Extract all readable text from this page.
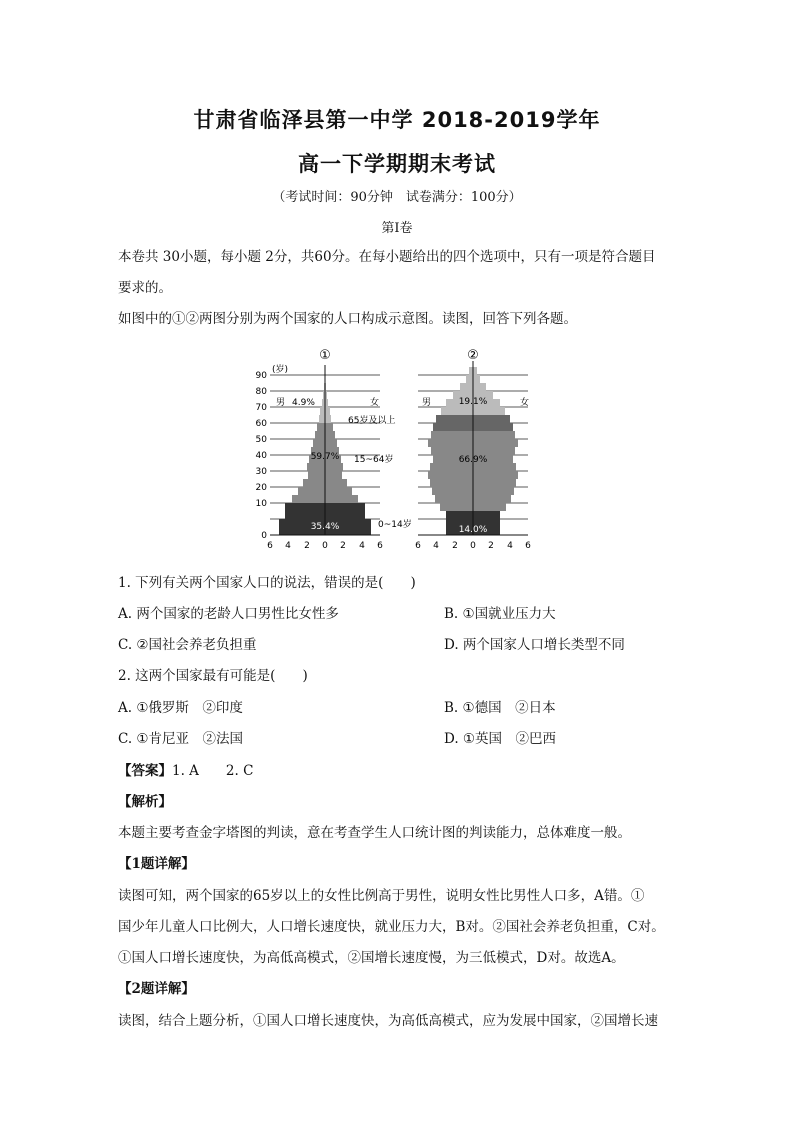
甘肃省临泽县第一中学 2018-2019学年
高一下学期期末考试
（考试时间：90分钟　试卷满分：100分）
第Ⅰ卷
本卷共 30小题，每小题 2分，共60分。在每小题给出的四个选项中，只有一项是符合题目
要求的。
如图中的①②两图分别为两个国家的人口构成示意图。读图，回答下列各题。
①
(岁)
90
80
70
60
50
40
30
20
10
0
6 4 2 0 2 4 6
男	女
4.9%
65岁及以上
59.7% 15~64岁
35.4%	0~14岁
②
6 4 2 0 2 4 6
男	女
19.1%
66.9%
14.0%
1. 下列有关两个国家人口的说法，错误的是(　　)
A. 两个国家的老龄人口男性比女性多	B. ①国就业压力大
C. ②国社会养老负担重	D. 两个国家人口增长类型不同
2. 这两个国家最有可能是(　　)
A. ①俄罗斯　②印度	B. ①德国　②日本
C. ①肯尼亚　②法国	D. ①英国　②巴西
【答案】1. A　　2. C
【解析】
本题主要考查金字塔图的判读，意在考查学生人口统计图的判读能力，总体难度一般。
【1题详解】
读图可知，两个国家的65岁以上的女性比例高于男性，说明女性比男性人口多，A错。①
国少年儿童人口比例大，人口增长速度快，就业压力大，B对。②国社会养老负担重，C对。
①国人口增长速度快，为高低高模式，②国增长速度慢，为三低模式，D对。故选A。
【2题详解】
读图，结合上题分析，①国人口增长速度快，为高低高模式，应为发展中国家，②国增长速
